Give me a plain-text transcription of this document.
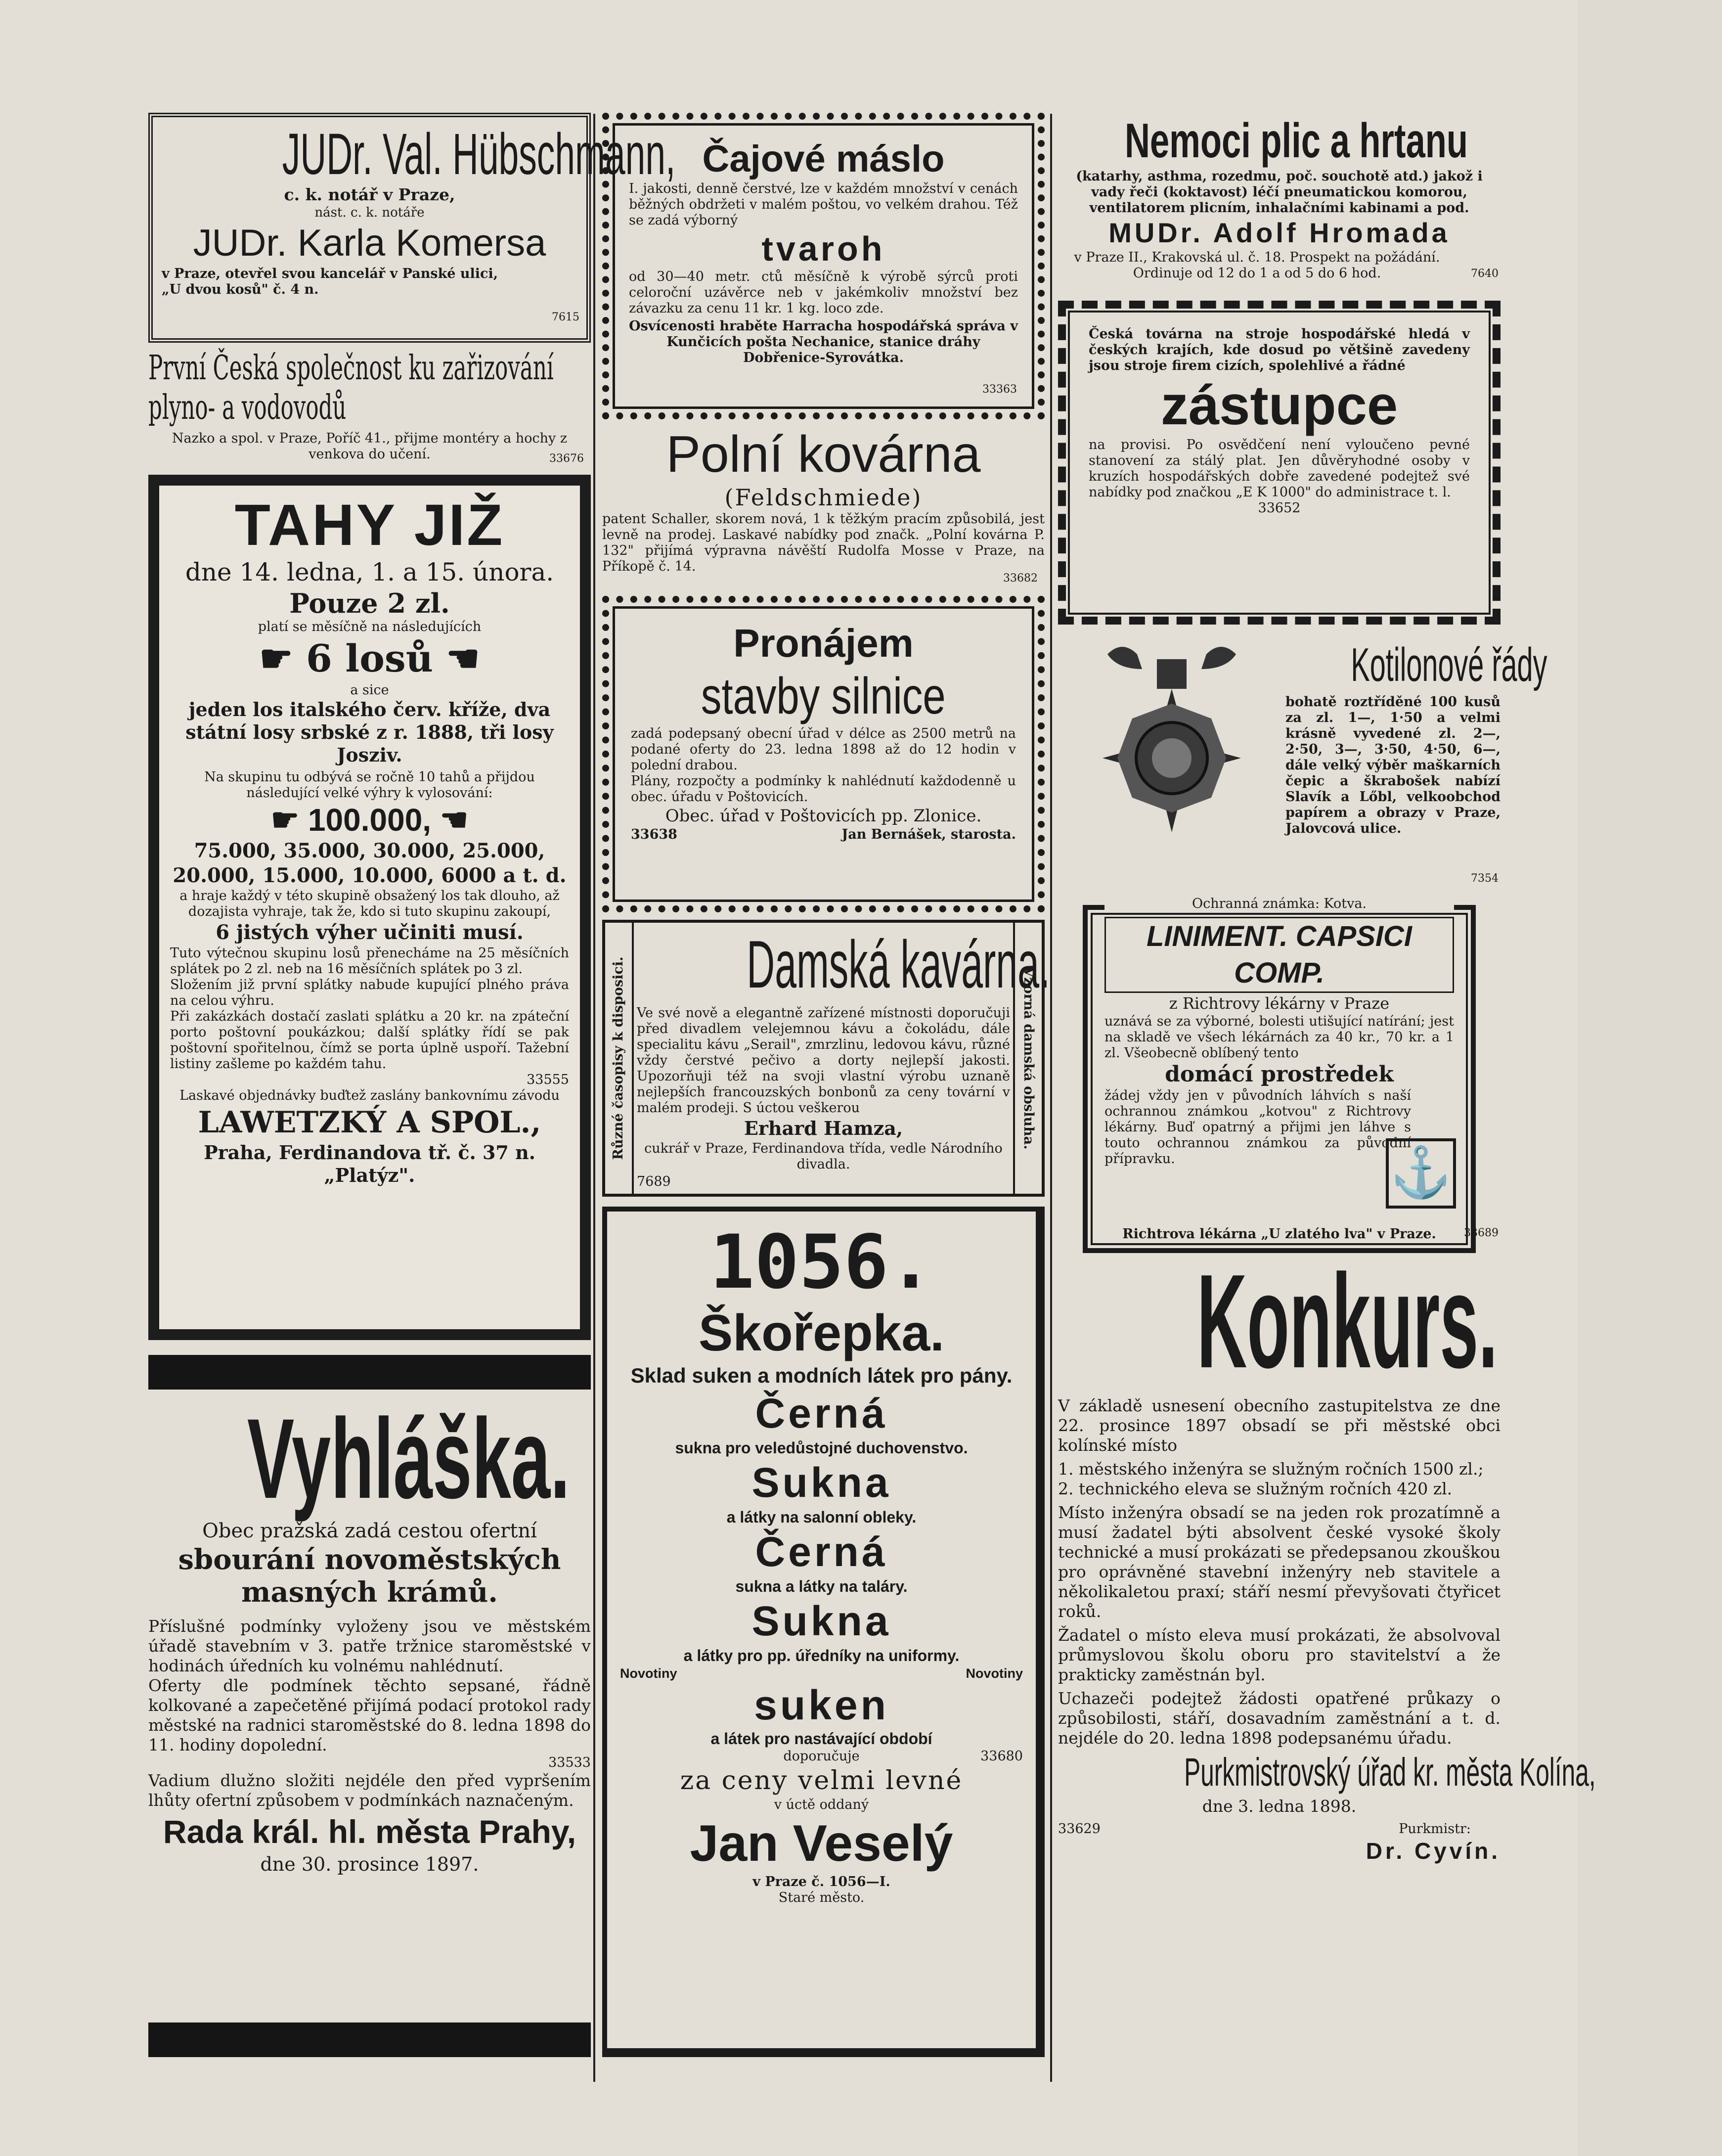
JUDr. Val. Hübschmann,
c. k. notář v Praze,
nást. c. k. notáře
JUDr. Karla Komersa
v Praze, otevřel svou kancelář v Panské ulici, „U dvou kosů" č. 4 n.
7615
První Česká společnost ku zařizování plyno- a vodovodů
Nazko a spol. v Praze, Poříč 41., přijme montéry a hochy z venkova do učení.	33676
TAHY JIŽ
dne 14. ledna, 1. a 15. února.
Pouze 2 zl.
platí se měsíčně na následujících
☛ 6 losů ☚
a sice
jeden los italského červ. kříže, dva státní losy srbské z r. 1888, tři losy Josziv.
Na skupinu tu odbývá se ročně 10 tahů a přijdou následující velké výhry k vylosování:
☛ 100.000, ☚
75.000, 35.000, 30.000, 25.000, 20.000, 15.000, 10.000, 6000 a t. d.
a hraje každý v této skupině obsažený los tak dlouho, až dozajista vyhraje, tak že, kdo si tuto skupinu zakoupí,
6 jistých výher učiniti musí.
Tuto výtečnou skupinu losů přenecháme na 25 měsíčních splátek po 2 zl. neb na 16 měsíčních splátek po 3 zl.
Složením již první splátky nabude kupující plného práva na celou výhru.
Při zakázkách dostačí zaslati splátku a 20 kr. na zpáteční porto poštovní poukázkou; další splátky řídí se pak poštovní spořitelnou, čímž se porta úplně uspoří. Tažební listiny zašleme po každém tahu.
33555
Laskavé objednávky buďtež zaslány bankovnímu závodu
LAWETZKÝ A SPOL.,
Praha, Ferdinandova tř. č. 37 n.
„Platýz".
Vyhláška.
Obec pražská zadá cestou ofertní
sbourání novoměstských masných krámů.
Příslušné podmínky vyloženy jsou ve městském úřadě stavebním v 3. patře tržnice staroměstské v hodinách úředních ku volnému nahlédnutí.
Oferty dle podmínek těchto sepsané, řádně kolkované a zapečetěné přijímá podací protokol rady městské na radnici staroměstské do 8. ledna 1898 do 11. hodiny dopolední.
33533
Vadium dlužno složiti nejdéle den před vypršením lhůty ofertní způsobem v podmínkách naznačeným.
Rada král. hl. města Prahy,
dne 30. prosince 1897.
Čajové máslo
I. jakosti, denně čerstvé, lze v každém množství v cenách běžných obdržeti v malém poštou, vo velkém drahou. Též se zadá výborný
tvaroh
od 30—40 metr. ctů měsíčně k výrobě sýrců proti celoroční uzávěrce neb v jakémkoliv množství bez závazku za cenu 11 kr. 1 kg. loco zde.
Osvícenosti hraběte Harracha hospodářská správa v Kunčicích pošta Nechanice, stanice dráhy Dobřenice-Syrovátka.
33363
Polní kovárna
(Feldschmiede)
patent Schaller, skorem nová, 1 k těžkým pracím způsobilá, jest levně na prodej. Laskavé nabídky pod značk. „Polní kovárna P. 132" přijímá výpravna návěští Rudolfa Mosse v Praze, na Příkopě č. 14.
33682
Pronájem
stavby silnice
zadá podepsaný obecní úřad v délce as 2500 metrů na podané oferty do 23. ledna 1898 až do 12 hodin v polední drabou.
Plány, rozpočty a podmínky k nahlédnutí každodenně u obec. úřadu v Poštovicích.
Obec. úřad v Poštovicích pp. Zlonice.
33638	Jan Bernášek, starosta.
Různé časopisy k disposici.	Vzorná damská obsluha.
Damská kavárna.
Ve své nově a elegantně zařízené místnosti doporučuji před divadlem velejemnou kávu a čokoládu, dále specialitu kávu „Serail", zmrzlinu, ledovou kávu, různé vždy čerstvé pečivo a dorty nejlepší jakosti. Upozorňuji též na svoji vlastní výrobu uznaně nejlepších francouzských bonbonů za ceny tovární v malém prodeji. S úctou veškerou
Erhard Hamza,
cukrář v Praze, Ferdinandova třída, vedle Národního divadla.
7689
1056.
Škořepka.
Sklad suken a modních látek pro pány.
Černá
sukna pro veledůstojné duchovenstvo.
Sukna
a látky na salonní obleky.
Černá
sukna a látky na taláry.
Sukna
a látky pro pp. úředníky na uniformy.
Novotiny	Novotiny
suken
a látek pro nastávající období
doporučuje	33680
za ceny velmi levné
v úctě oddaný
Jan Veselý
v Praze č. 1056—I.
Staré město.
Nemoci plic a hrtanu
(katarhy, asthma, rozedmu, poč. souchotě atd.) jakož i vady řeči (koktavost) léčí pneumatickou komorou, ventilatorem plicním, inhalačními kabinami a pod.
MUDr. Adolf Hromada
v Praze II., Krakovská ul. č. 18. Prospekt na požádání. Ordinuje od 12 do 1 a od 5 do 6 hod.	7640
Česká továrna na stroje hospodářské hledá v českých krajích, kde dosud po většině zavedeny jsou stroje firem cizích, spolehlivé a řádné
zástupce
na provisi. Po osvědčení není vyloučeno pevné stanovení za stálý plat. Jen důvěryhodné osoby v kruzích hospodářských dobře zavedené podejtež své nabídky pod značkou „E K 1000" do administrace t. l.
33652
Kotilonové řády
bohatě roztříděné 100 kusů za zl. 1—, 1·50 a velmi krásně vyvedené zl. 2—, 2·50, 3—, 3·50, 4·50, 6—, dále velký výběr maškarních čepic a škrabošek nabízí Slavík a Lőbl, velkoobchod papírem a obrazy v Praze, Jalovcová ulice.
7354
Ochranná známka: Kotva.
LINIMENT. CAPSICI COMP.
z Richtrovy lékárny v Praze
uznává se za výborné, bolesti utišující natírání; jest na skladě ve všech lékárnách za 40 kr., 70 kr. a 1 zl. Všeobecně oblíbený tento
domácí prostředek
žádej vždy jen v původních láhvích s naší ochrannou známkou „kotvou" z Richtrovy lékárny. Buď opatrný a přijmi jen láhve s touto ochrannou známkou za původní přípravku.	⚓
Richtrova lékárna „U zlatého lva" v Praze.	33689
Konkurs.
V základě usnesení obecního zastupitelstva ze dne 22. prosince 1897 obsadí se při městské obci kolínské místo
1. městského inženýra se služným ročních 1500 zl.;
2. technického eleva se služným ročních 420 zl.
Místo inženýra obsadí se na jeden rok prozatímně a musí žadatel býti absolvent české vysoké školy technické a musí prokázati se předepsanou zkouškou pro oprávněné stavební inženýry neb stavitele a několikaletou praxí; stáří nesmí převyšovati čtyřicet roků.
Žadatel o místo eleva musí prokázati, že absolvoval průmyslovou školu oboru pro stavitelství a že prakticky zaměstnán byl.
Uchazeči podejtež žádosti opatřené průkazy o způsobilosti, stáří, dosavadním zaměstnání a t. d. nejdéle do 20. ledna 1898 podepsanému úřadu.
Purkmistrovský úřad kr. města Kolína,
dne 3. ledna 1898.
33629	Purkmistr:
Dr. Cyvín.
